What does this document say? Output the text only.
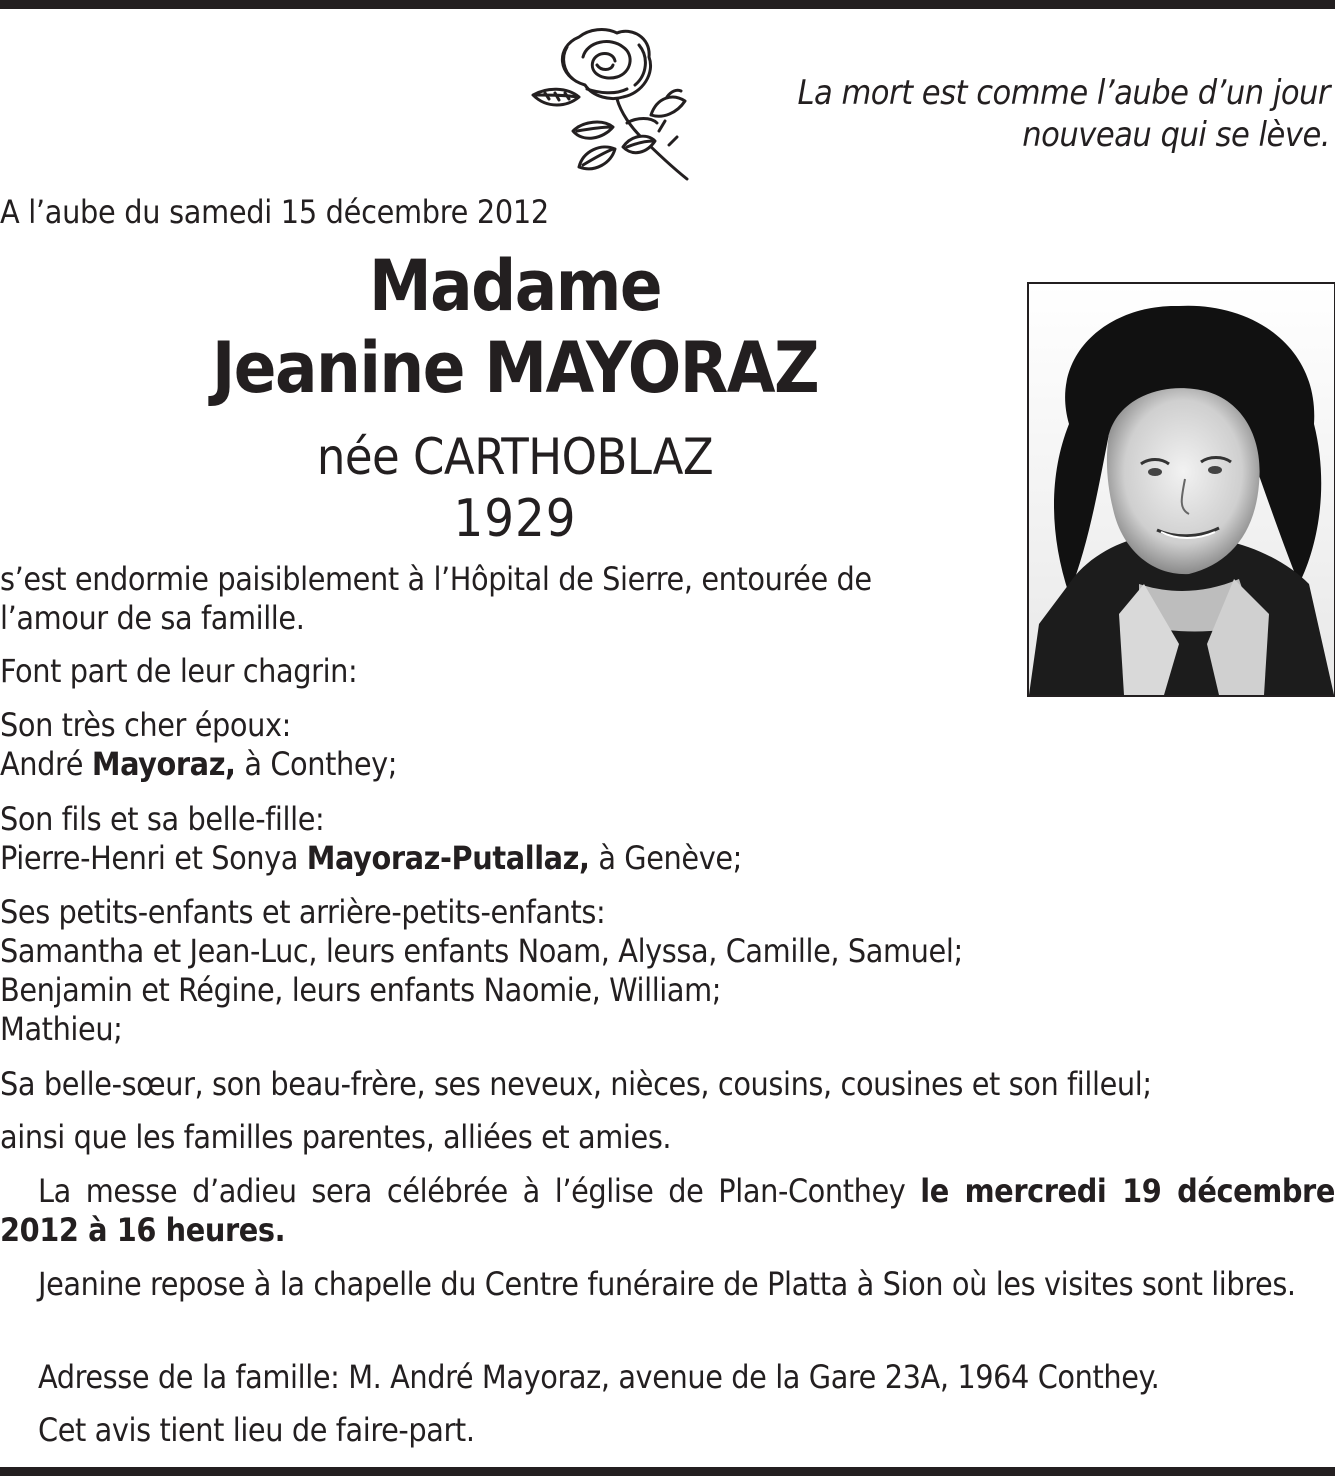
La mort est comme l’aube d’un jour
nouveau qui se lève.
A l’aube du samedi 15 décembre 2012
Madame
Jeanine MAYORAZ
née CARTHOBLAZ
1929
s’est endormie paisiblement à l’Hôpital de Sierre, entourée de
l’amour de sa famille.
Font part de leur chagrin:
Son très cher époux:
André Mayoraz, à Conthey;
Son fils et sa belle-fille:
Pierre-Henri et Sonya Mayoraz-Putallaz, à Genève;
Ses petits-enfants et arrière-petits-enfants:
Samantha et Jean-Luc, leurs enfants Noam, Alyssa, Camille, Samuel;
Benjamin et Régine, leurs enfants Naomie, William;
Mathieu;
Sa belle-sœur, son beau-frère, ses neveux, nièces, cousins, cousines et son filleul;
ainsi que les familles parentes, alliées et amies.

La messe d’adieu sera célébrée à l’église de Plan-Conthey le mercredi 19 décembre 2012 à 16 heures.

Jeanine repose à la chapelle du Centre funéraire de Platta à Sion où les visites sont libres.

Adresse de la famille: M. André Mayoraz, avenue de la Gare 23A, 1964 Conthey.

Cet avis tient lieu de faire-part.
